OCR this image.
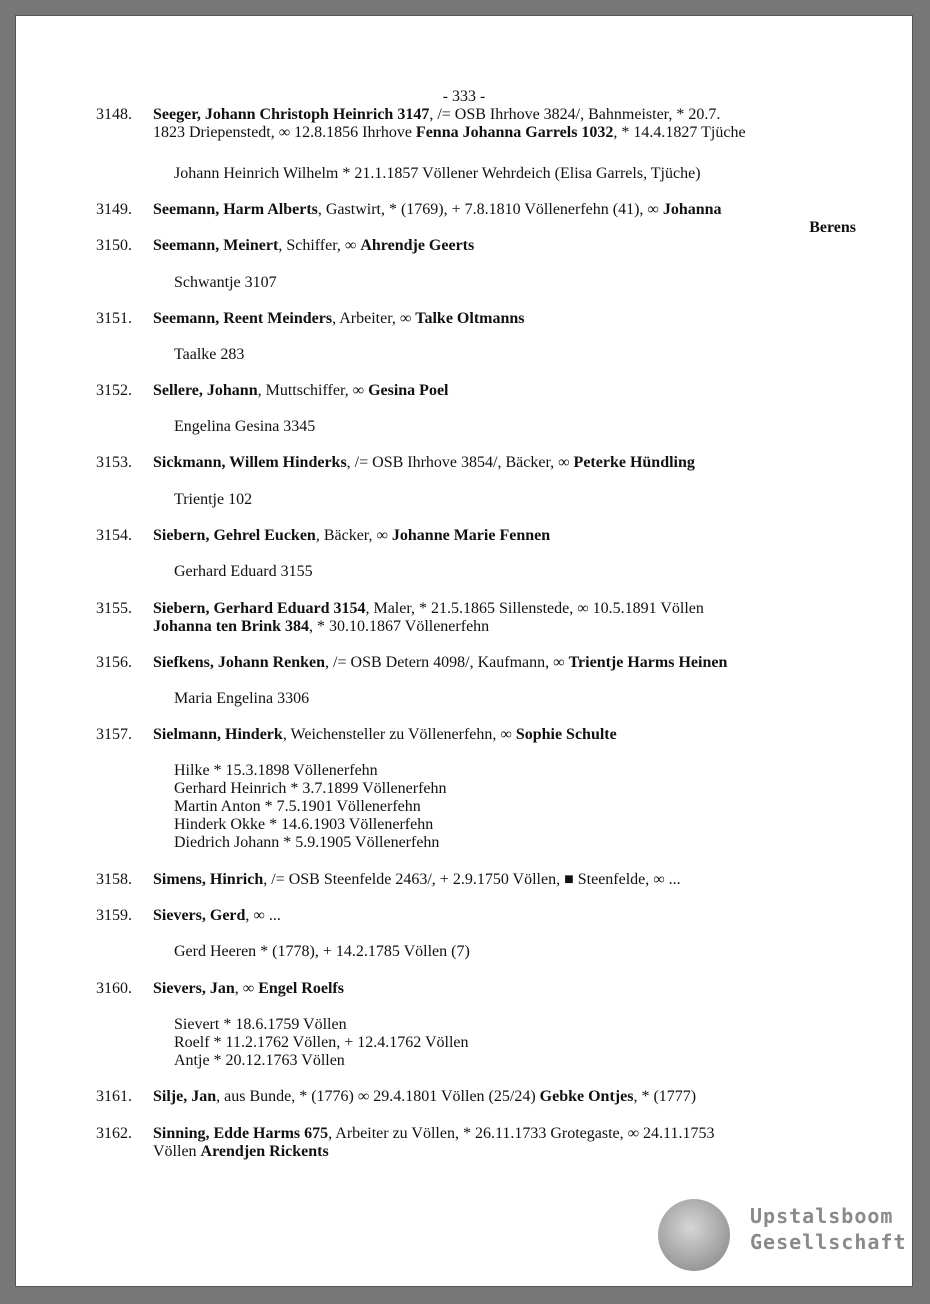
- 333 -
3148.	Seeger, Johann Christoph Heinrich 3147, /= OSB Ihrhove 3824/, Bahnmeister, * 20.7.
1823 Driepenstedt, ∞ 12.8.1856 Ihrhove Fenna Johanna Garrels 1032, * 14.4.1827 Tjüche
Johann Heinrich Wilhelm * 21.1.1857 Völlener Wehrdeich (Elisa Garrels, Tjüche)
3149.	Seemann, Harm Alberts, Gastwirt, * (1769), + 7.8.1810 Völlenerfehn (41), ∞ Johanna
Berens
3150.	Seemann, Meinert, Schiffer, ∞ Ahrendje Geerts
Schwantje 3107
3151.	Seemann, Reent Meinders, Arbeiter, ∞ Talke Oltmanns
Taalke 283
3152.	Sellere, Johann, Muttschiffer, ∞ Gesina Poel
Engelina Gesina 3345
3153.	Sickmann, Willem Hinderks, /= OSB Ihrhove 3854/, Bäcker, ∞ Peterke Hündling
Trientje 102
3154.	Siebern, Gehrel Eucken, Bäcker, ∞ Johanne Marie Fennen
Gerhard Eduard 3155
3155.	Siebern, Gerhard Eduard 3154, Maler, * 21.5.1865 Sillenstede, ∞ 10.5.1891 Völlen
Johanna ten Brink 384, * 30.10.1867 Völlenerfehn
3156.	Siefkens, Johann Renken, /= OSB Detern 4098/, Kaufmann, ∞ Trientje Harms Heinen
Maria Engelina 3306
3157.	Sielmann, Hinderk, Weichensteller zu Völlenerfehn, ∞ Sophie Schulte
Hilke * 15.3.1898 Völlenerfehn
Gerhard Heinrich * 3.7.1899 Völlenerfehn
Martin Anton * 7.5.1901 Völlenerfehn
Hinderk Okke * 14.6.1903 Völlenerfehn
Diedrich Johann * 5.9.1905 Völlenerfehn
3158.	Simens, Hinrich, /= OSB Steenfelde 2463/, + 2.9.1750 Völlen, ■ Steenfelde, ∞ ...
3159.	Sievers, Gerd, ∞ ...
Gerd Heeren * (1778), + 14.2.1785 Völlen (7)
3160.	Sievers, Jan, ∞ Engel Roelfs
Sievert * 18.6.1759 Völlen
Roelf * 11.2.1762 Völlen, + 12.4.1762 Völlen
Antje * 20.12.1763 Völlen
3161.	Silje, Jan, aus Bunde, * (1776) ∞ 29.4.1801 Völlen (25/24) Gebke Ontjes, * (1777)
3162.	Sinning, Edde Harms 675, Arbeiter zu Völlen, * 26.11.1733 Grotegaste, ∞ 24.11.1753
Völlen Arendjen Rickents
Upstalsboom
Gesellschaft
